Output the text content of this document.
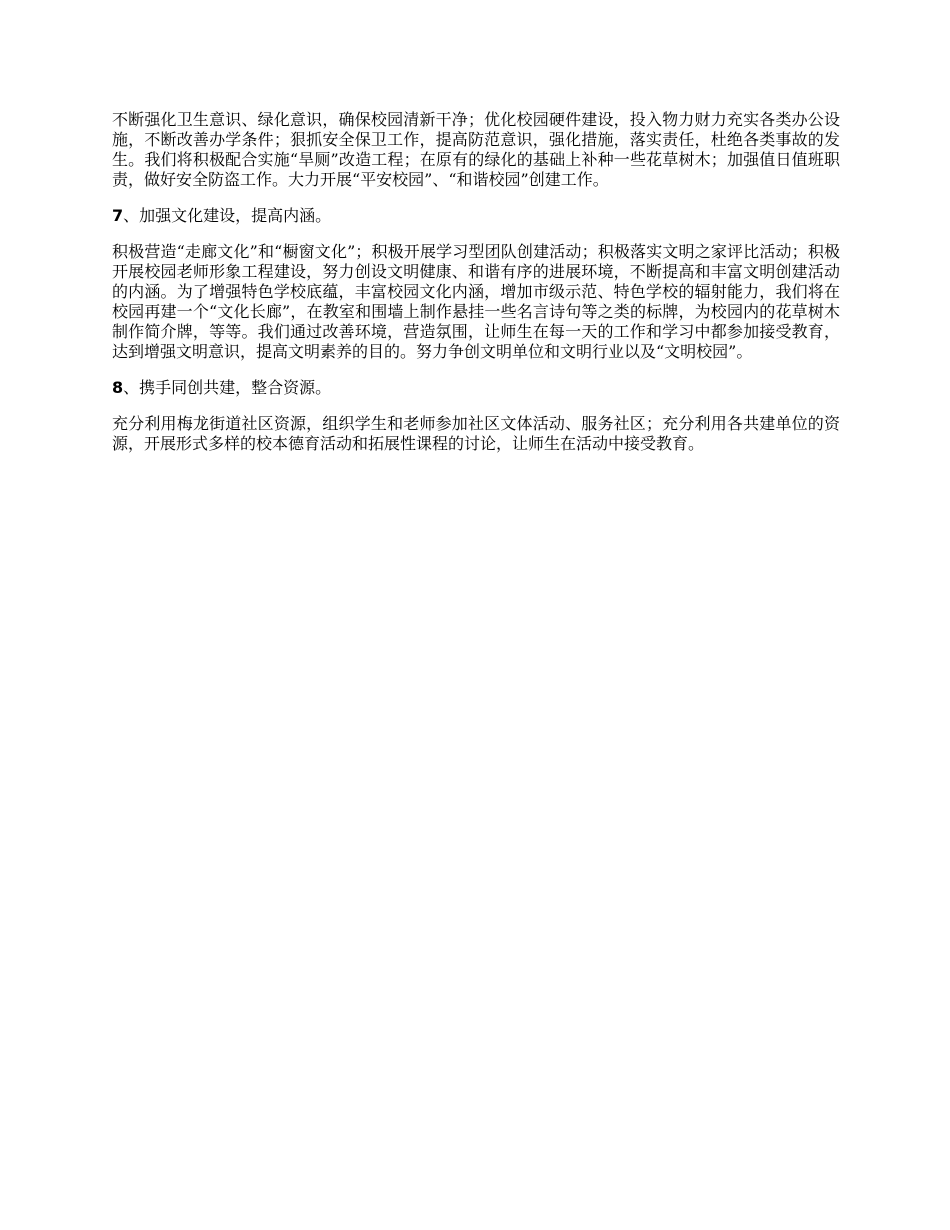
不断强化卫生意识、绿化意识，确保校园清新干净；优化校园硬件建设，投入物力财力充实各类办公设施，不断改善办学条件；狠抓安全保卫工作，提高防范意识，强化措施，落实责任，杜绝各类事故的发生。我们将积极配合实施“旱厕”改造工程；在原有的绿化的基础上补种一些花草树木；加强值日值班职责，做好安全防盗工作。大力开展“平安校园”、“和谐校园”创建工作。

7、加强文化建设，提高内涵。

积极营造“走廊文化”和“橱窗文化”；积极开展学习型团队创建活动；积极落实文明之家评比活动；积极开展校园老师形象工程建设，努力创设文明健康、和谐有序的进展环境，不断提高和丰富文明创建活动的内涵。为了增强特色学校底蕴，丰富校园文化内涵，增加市级示范、特色学校的辐射能力，我们将在校园再建一个“文化长廊”，在教室和围墙上制作悬挂一些名言诗句等之类的标牌，为校园内的花草树木制作简介牌，等等。我们通过改善环境，营造氛围，让师生在每一天的工作和学习中都参加接受教育，达到增强文明意识，提高文明素养的目的。努力争创文明单位和文明行业以及“文明校园”。

8、携手同创共建，整合资源。

充分利用梅龙街道社区资源，组织学生和老师参加社区文体活动、服务社区；充分利用各共建单位的资源，开展形式多样的校本德育活动和拓展性课程的讨论，让师生在活动中接受教育。
